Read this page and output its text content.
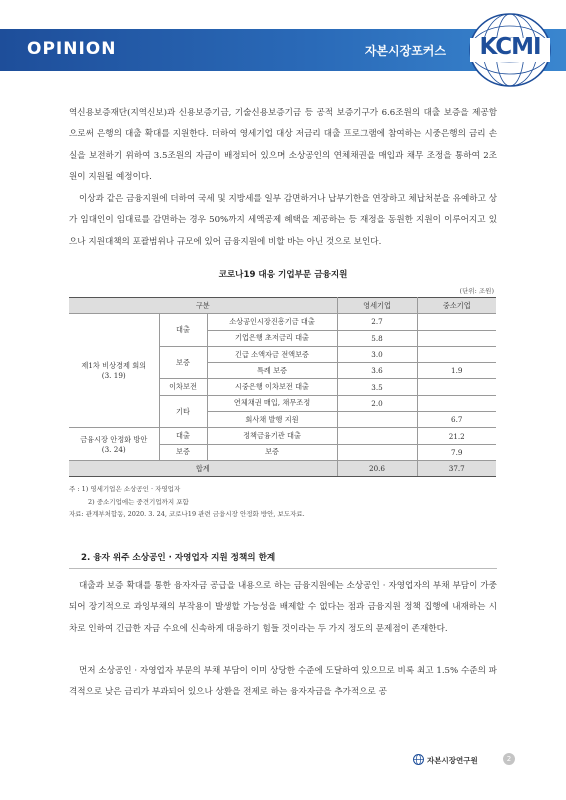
OPINION	자본시장포커스	KCMI

역신용보증재단(지역신보)과 신용보증기금, 기술신용보증기금 등 공적 보증기구가 6.6조원의 대출 보증을 제공함으로써 은행의 대출 확대를 지원한다. 더하여 영세기업 대상 저금리 대출 프로그램에 참여하는 시중은행의 금리 손실을 보전하기 위하여 3.5조원의 자금이 배정되어 있으며 소상공인의 연체채권을 매입과 채무 조정을 통하여 2조원이 지원될 예정이다.

이상과 같은 금융지원에 더하여 국세 및 지방세를 일부 감면하거나 납부기한을 연장하고 체납처분을 유예하고 상가 임대인이 임대료를 감면하는 경우 50%까지 세액공제 혜택을 제공하는 등 재정을 동원한 지원이 이루어지고 있으나 지원대책의 포괄범위나 규모에 있어 금융지원에 비할 바는 아닌 것으로 보인다.

코로나19 대응 기업부문 금융지원
(단위: 조원)
구분			영세기업	중소기업
제1차 비상경제 회의
(3. 19)	대출	소상공인시장진흥기금 대출	2.7	
		기업은행 초저금리 대출	5.8	
	보증	긴급 소액자금 전액보증	3.0	
		특례 보증	3.6	1.9
	이차보전	시중은행 이차보전 대출	3.5	
	기타	연체채권 매입, 채무조정	2.0	
		회사채 발행 지원		6.7
금융시장 안정화 방안
(3. 24)	대출	정책금융기관 대출		21.2
	보증	보증		7.9
합계			20.6	37.7
주 : 1) 영세기업은 소상공인 · 자영업자
2) 중소기업에는 중견기업까지 포함
자료: 관계부처합동, 2020. 3. 24, 코로나19 관련 금융시장 안정화 방안, 보도자료.
2. 융자 위주 소상공인 · 자영업자 지원 정책의 한계

대출과 보증 확대를 통한 융자자금 공급을 내용으로 하는 금융지원에는 소상공인 · 자영업자의 부채 부담이 가중되어 장기적으로 과잉부채의 부작용이 발생할 가능성을 배제할 수 없다는 점과 금융지원 정책 집행에 내재하는 시차로 인하여 긴급한 자금 수요에 신속하게 대응하기 힘들 것이라는 두 가지 정도의 문제점이 존재한다.

먼저 소상공인 · 자영업자 부문의 부채 부담이 이미 상당한 수준에 도달하여 있으므로 비록 최고 1.5% 수준의 파격적으로 낮은 금리가 부과되어 있으나 상환을 전제로 하는 융자자금을 추가적으로 공

자본시장연구원	2
